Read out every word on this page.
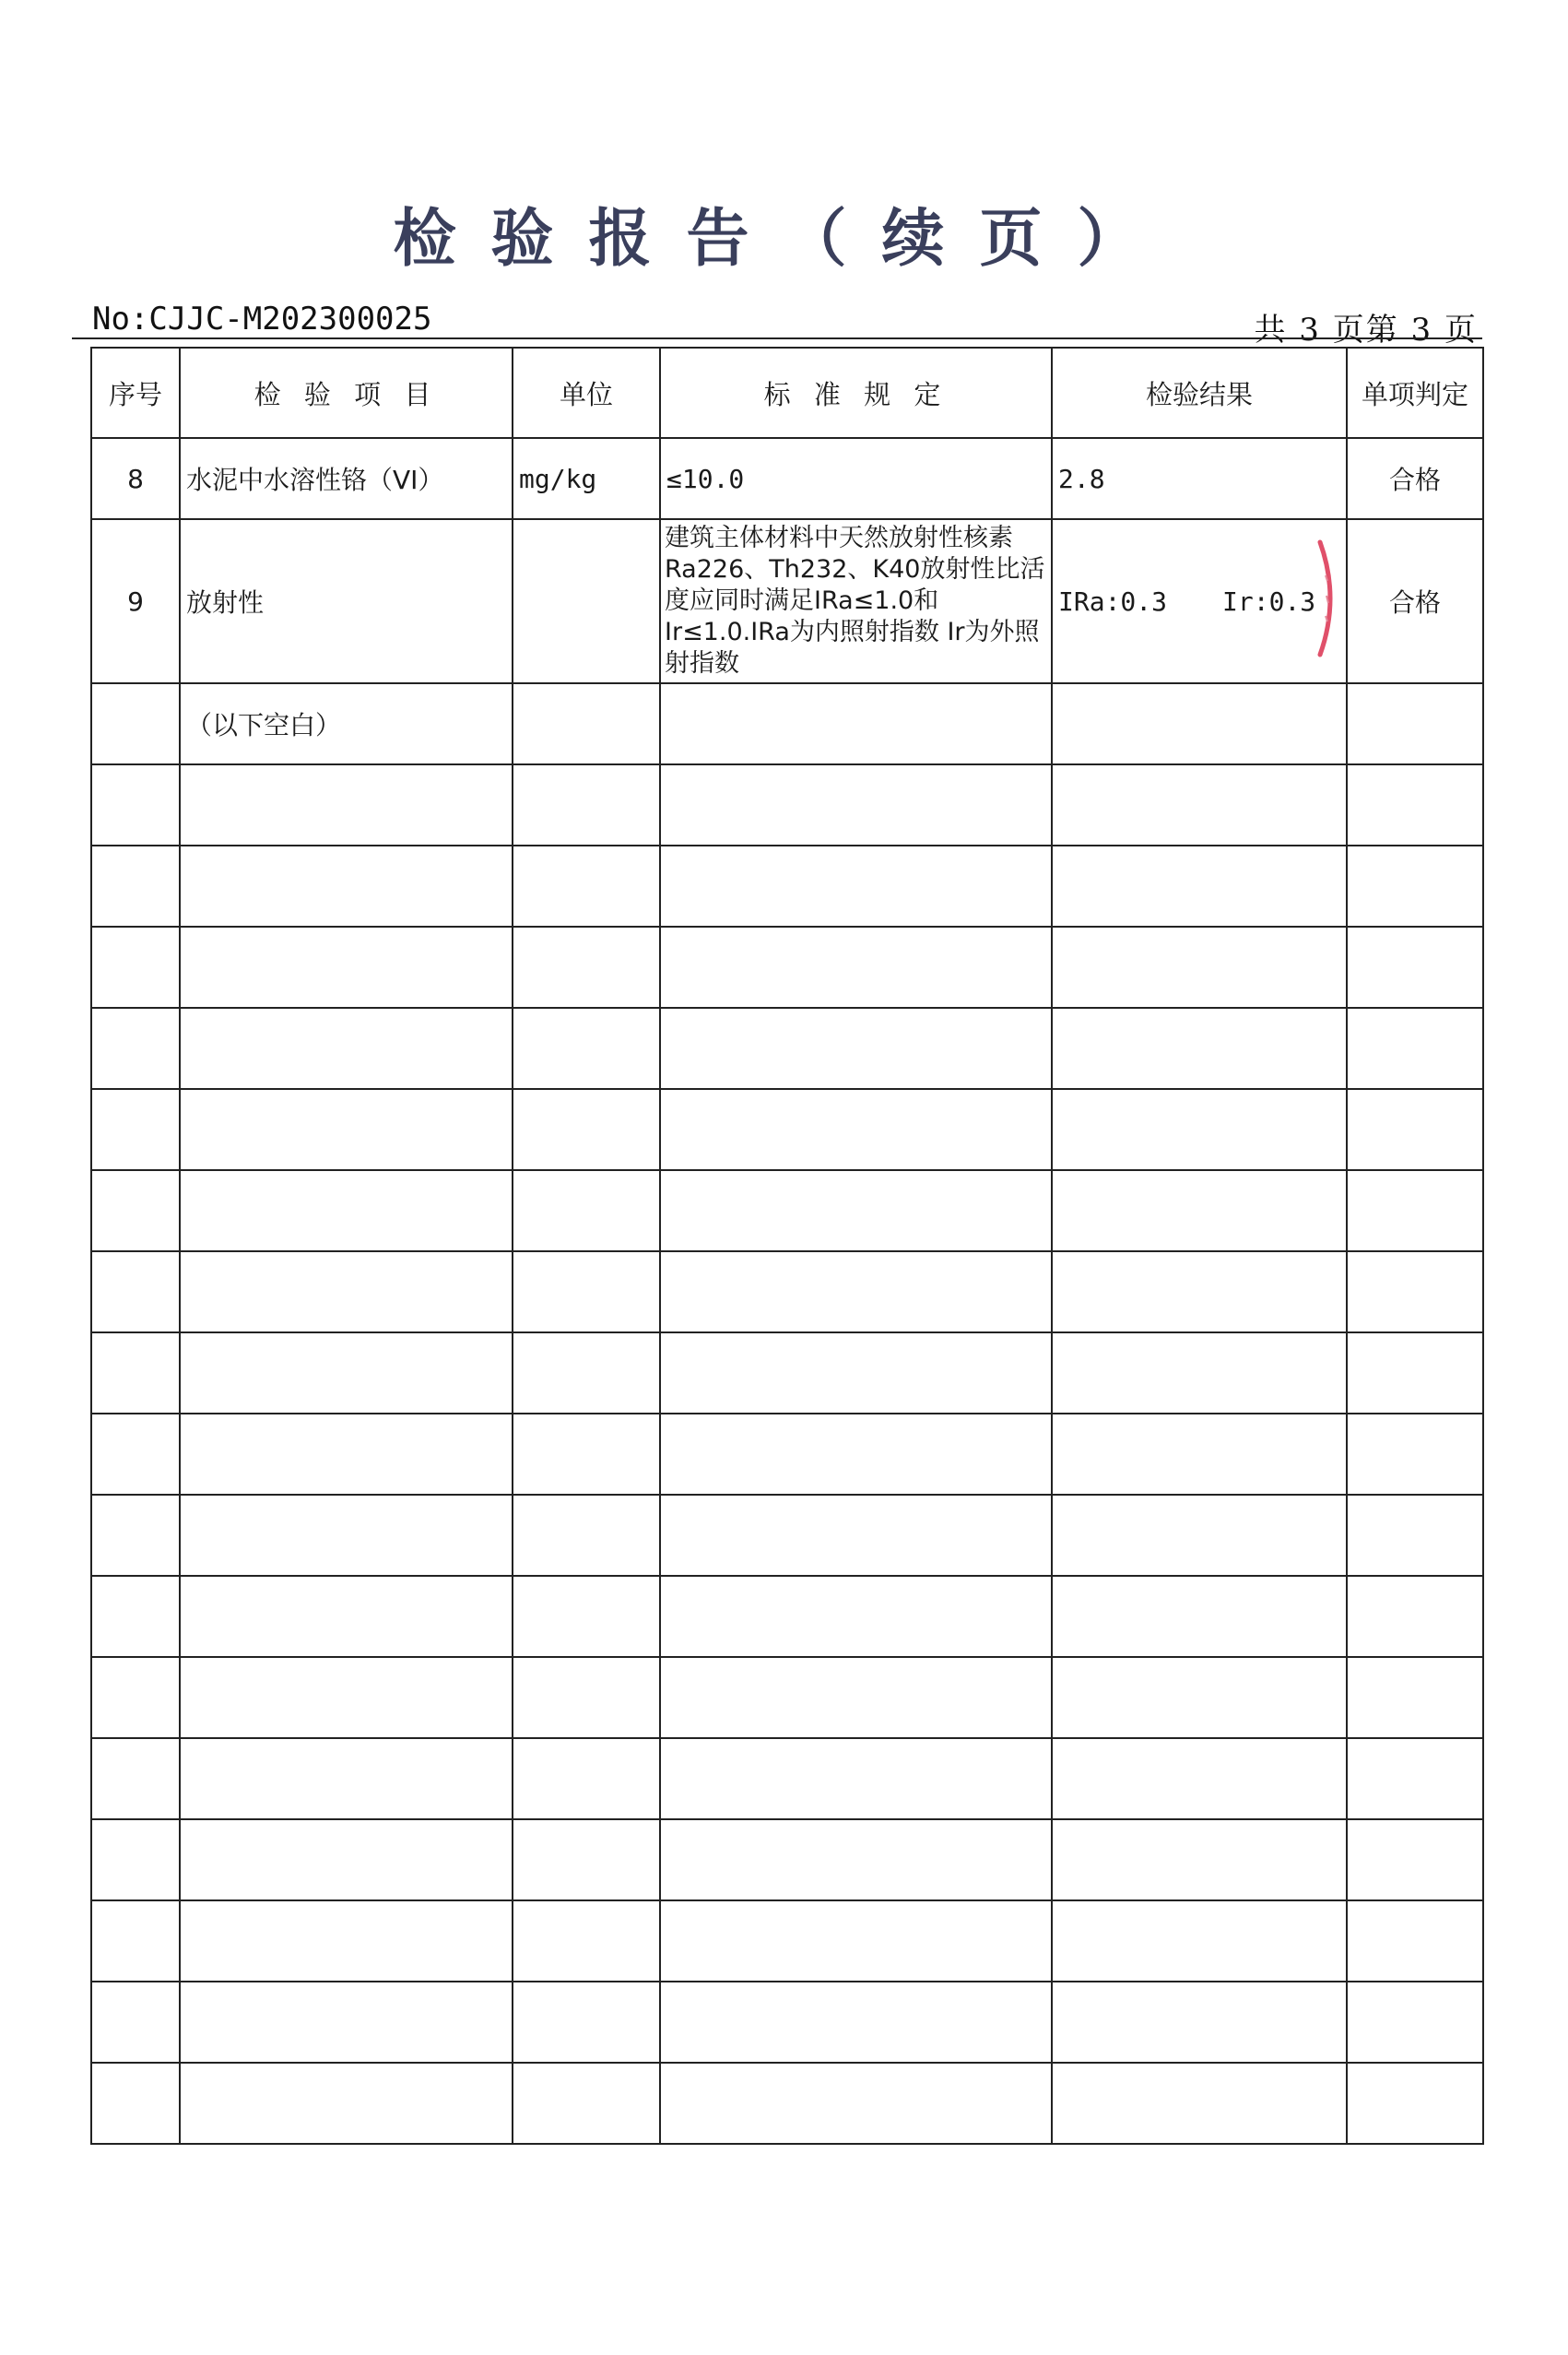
检验报告（续页）
No:CJJC-M202300025	共 3 页第 3 页
序号	检 验 项 目	单位	标 准 规 定	检验结果	单项判定
8	水泥中水溶性铬（VI）	mg/kg	≤10.0	2.8	合格
9	放射性		建筑主体材料中天然放射性核素Ra226、Th232、K40放射性比活度应同时满足IRa≤1.0和Ir≤1.0.IRa为内照射指数 Ir为外照射指数	IRa:0.3 Ir:0.3	合格
	（以下空白）				
